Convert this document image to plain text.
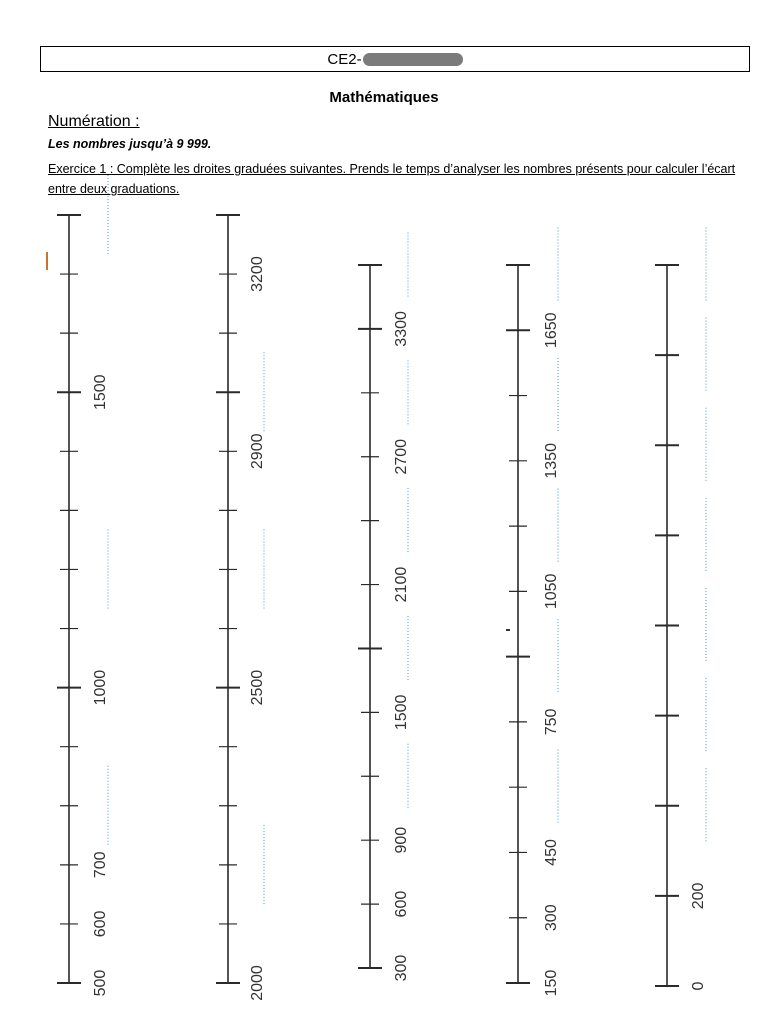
CE2-
Mathématiques
Numération :
Les nombres jusqu’à 9 999.
Exercice 1 : Complète les droites graduées suivantes. Prends le temps d’analyser les nombres présents pour calculer l’écart entre deux graduations.
500
600
700
1000
1500
2000
2500
2900
3200
300
600
900
1500
2100
2700
3300
150
300
450
750
1050
1350
1650
0
200
